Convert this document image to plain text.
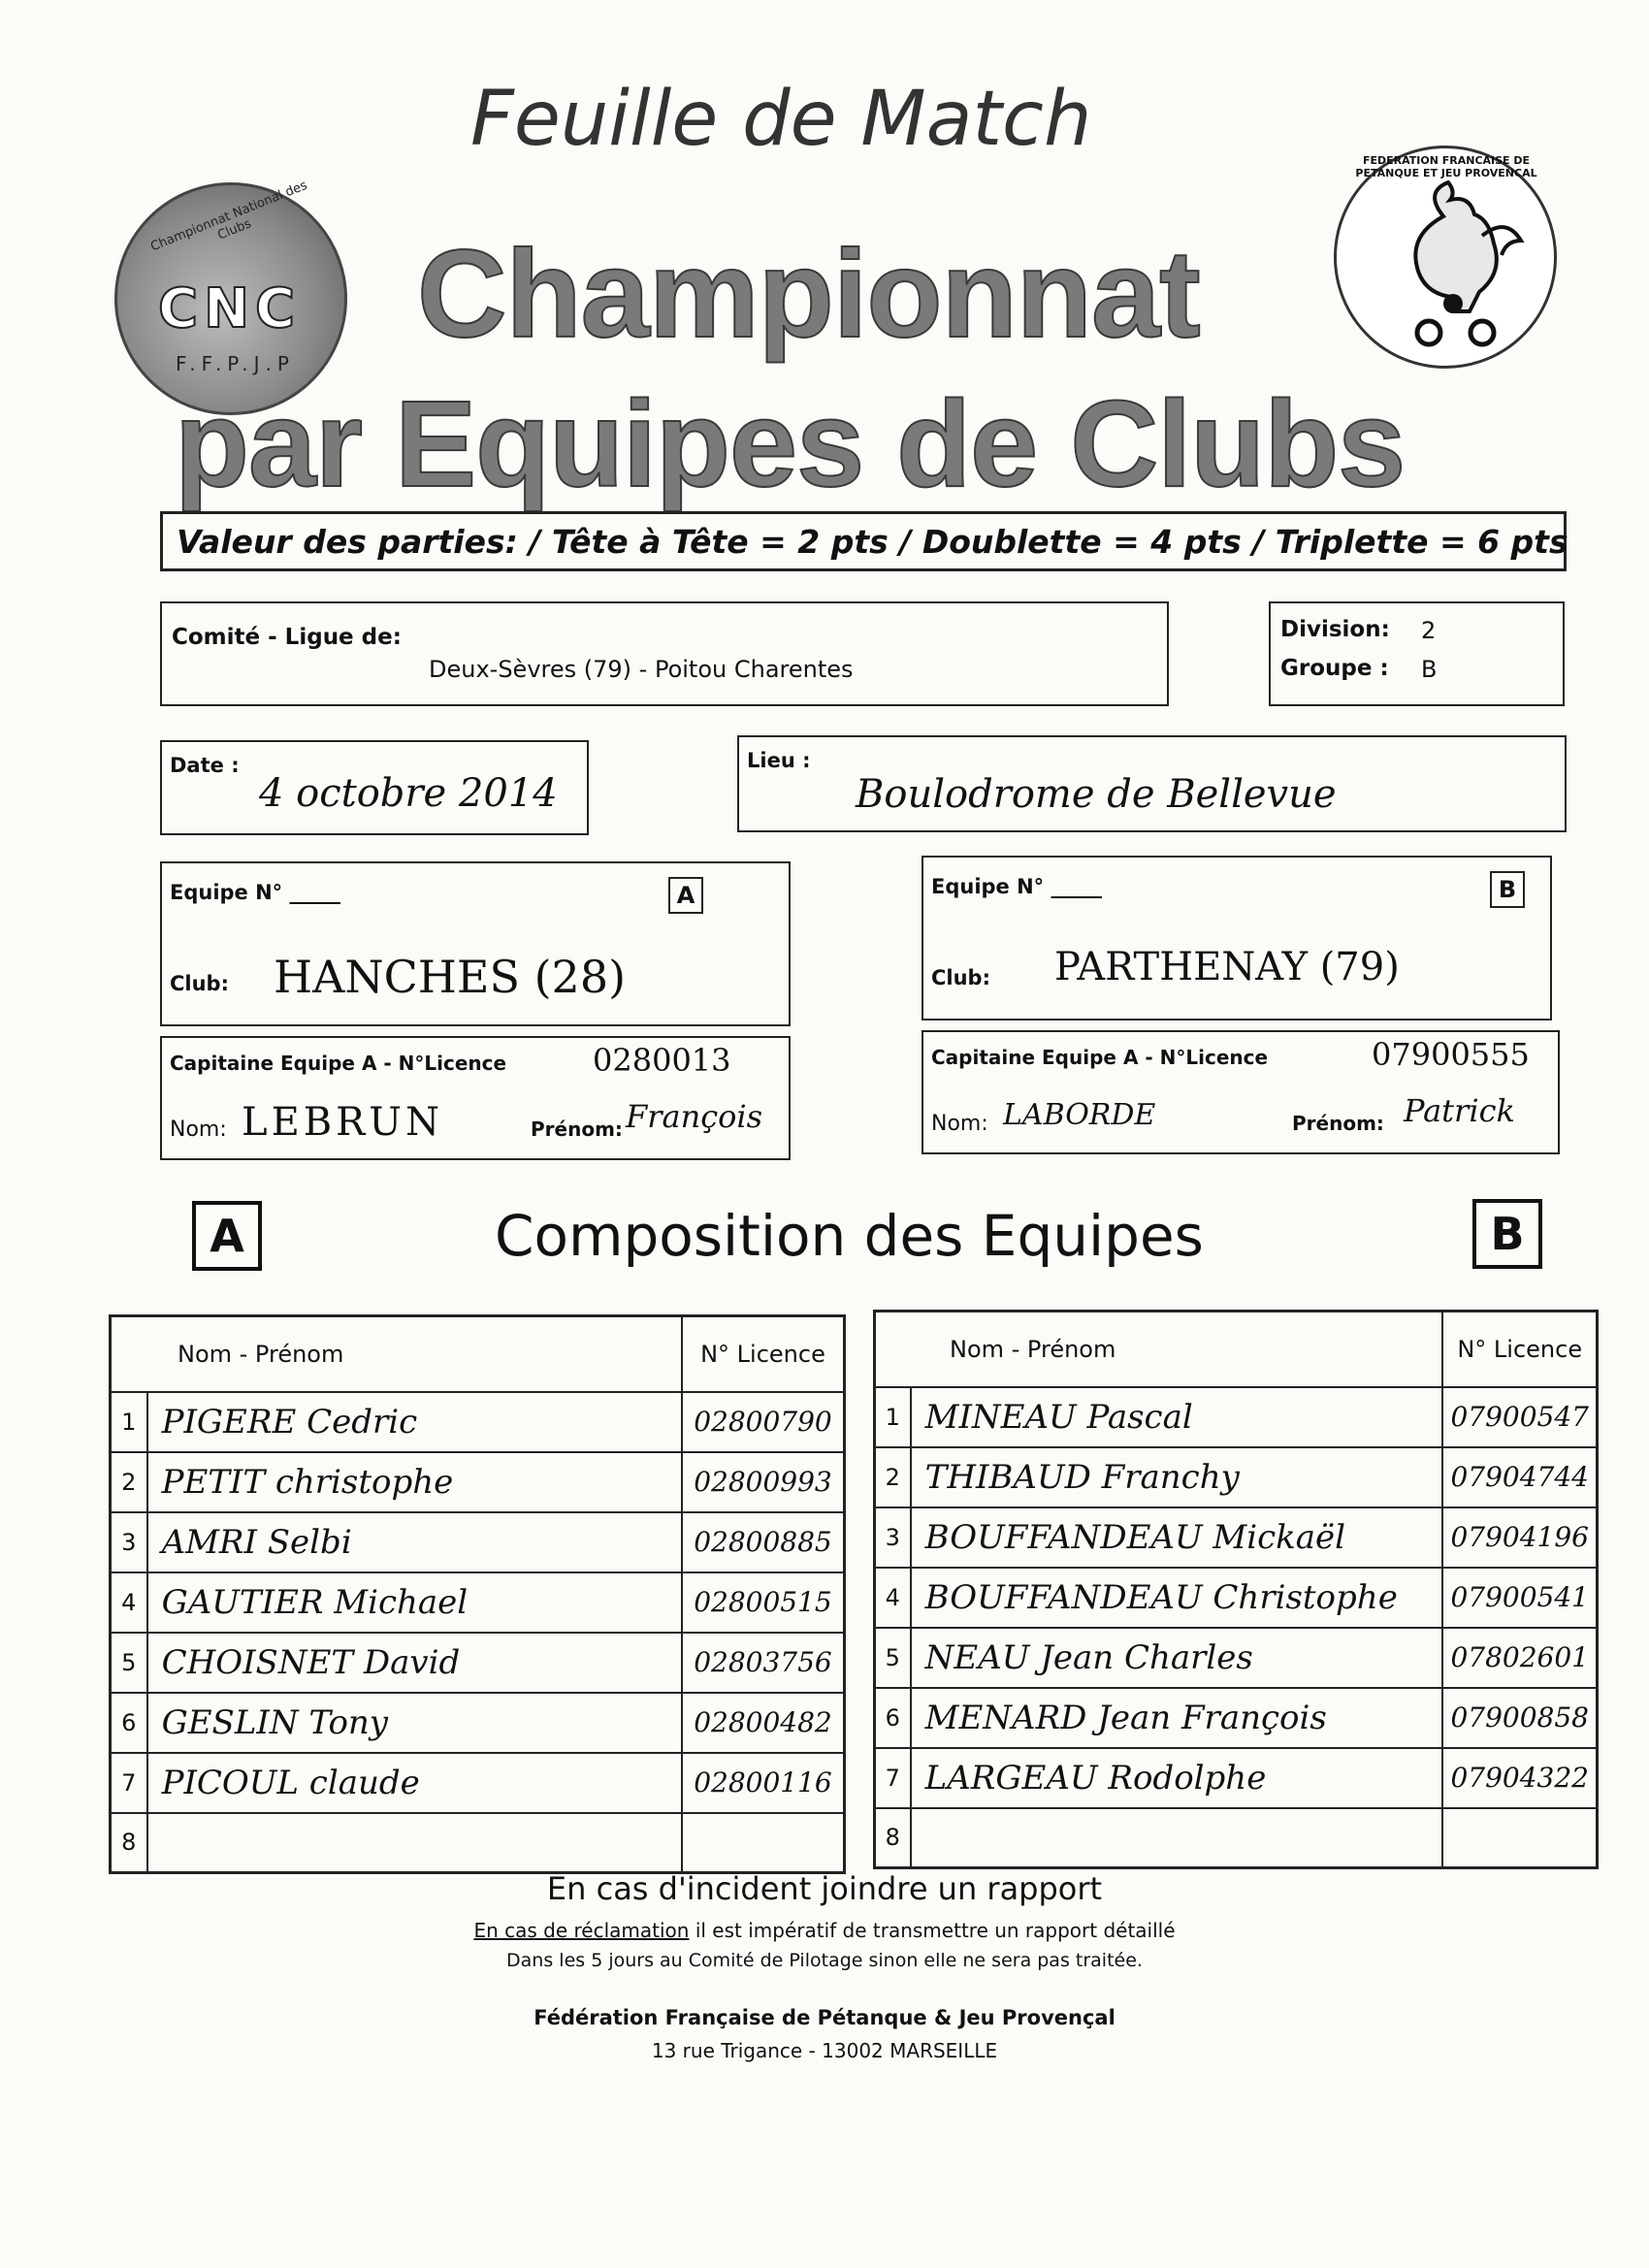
Feuille de Match
CNC
Championnat National des Clubs
F.F.P.J.P
FEDERATION FRANCAISE DE PETANQUE ET JEU PROVENCAL
Championnat
par Equipes de Clubs
Valeur des parties: / Tête à Tête = 2 pts / Doublette = 4 pts / Triplette = 6 pts
Comité - Ligue de:
Deux-Sèvres (79) - Poitou Charentes
Division: 2
Groupe : B
Date :
4 octobre 2014
Lieu :
Boulodrome de Bellevue
Equipe N° _____	A
Club: HANCHES (28)
Capitaine Equipe A - N°Licence	0280013
Nom: LEBRUN	Prénom: François
Equipe N° _____	B
Club: PARTHENAY (79)
Capitaine Equipe A - N°Licence	07900555
Nom: LABORDE	Prénom: Patrick
A	Composition des Equipes	B
Nom - Prénom		N° Licence
1	PIGERE Cedric	02800790
2	PETIT christophe	02800993
3	AMRI Selbi	02800885
4	GAUTIER Michael	02800515
5	CHOISNET David	02803756
6	GESLIN Tony	02800482
7	PICOUL claude	02800116
8		
Nom - Prénom		N° Licence
1	MINEAU Pascal	07900547
2	THIBAUD Franchy	07904744
3	BOUFFANDEAU Mickaël	07904196
4	BOUFFANDEAU Christophe	07900541
5	NEAU Jean Charles	07802601
6	MENARD Jean François	07900858
7	LARGEAU Rodolphe	07904322
8		
En cas d'incident joindre un rapport
En cas de réclamation il est impératif de transmettre un rapport détaillé
Dans les 5 jours au Comité de Pilotage sinon elle ne sera pas traitée.
Fédération Française de Pétanque & Jeu Provençal
13 rue Trigance - 13002 MARSEILLE
